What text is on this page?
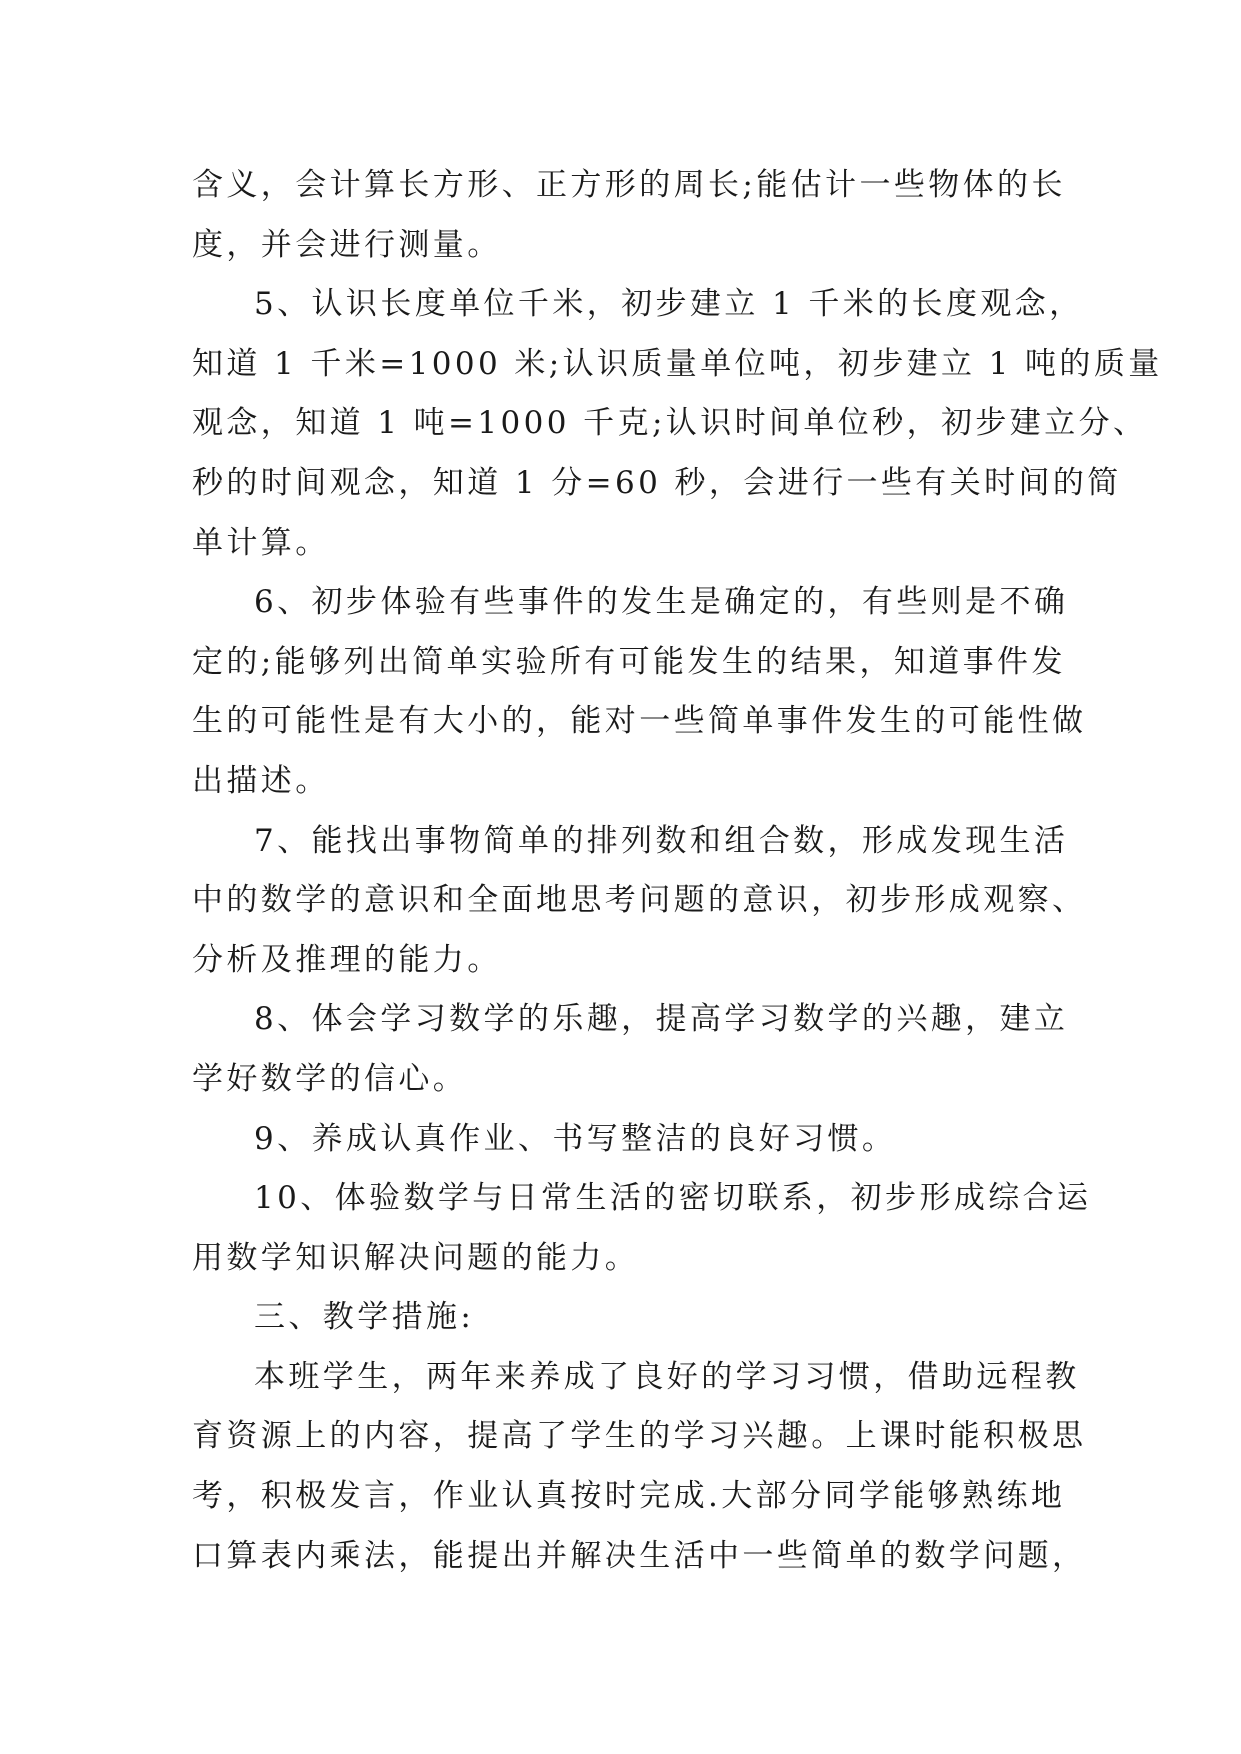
含义，会计算长方形、正方形的周长;能估计一些物体的长
度，并会进行测量。
5、认识长度单位千米，初步建立 1 千米的长度观念，
知道 1 千米=1000 米;认识质量单位吨，初步建立 1 吨的质量
观念，知道 1 吨=1000 千克;认识时间单位秒，初步建立分、
秒的时间观念，知道 1 分=60 秒，会进行一些有关时间的简
单计算。
6、初步体验有些事件的发生是确定的，有些则是不确
定的;能够列出简单实验所有可能发生的结果，知道事件发
生的可能性是有大小的，能对一些简单事件发生的可能性做
出描述。
7、能找出事物简单的排列数和组合数，形成发现生活
中的数学的意识和全面地思考问题的意识，初步形成观察、
分析及推理的能力。
8、体会学习数学的乐趣，提高学习数学的兴趣，建立
学好数学的信心。
9、养成认真作业、书写整洁的良好习惯。
10、体验数学与日常生活的密切联系，初步形成综合运
用数学知识解决问题的能力。
三、教学措施:
本班学生，两年来养成了良好的学习习惯，借助远程教
育资源上的内容，提高了学生的学习兴趣。上课时能积极思
考，积极发言，作业认真按时完成.大部分同学能够熟练地
口算表内乘法，能提出并解决生活中一些简单的数学问题，
